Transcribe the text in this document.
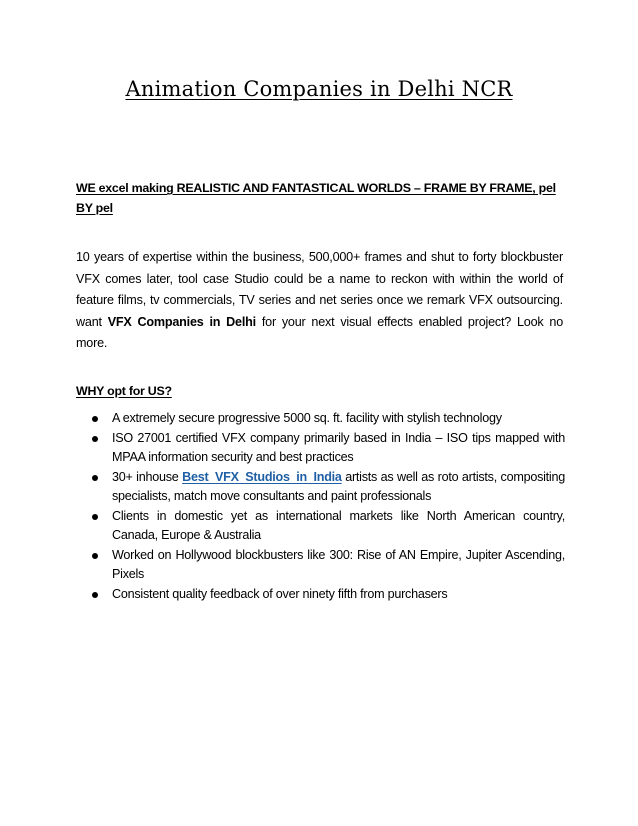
Animation Companies in Delhi NCR
WE excel making REALISTIC AND FANTASTICAL WORLDS – FRAME BY FRAME, pel BY pel

10 years of expertise within the business, 500,000+ frames and shut to forty blockbuster VFX comes later, tool case Studio could be a name to reckon with within the world of feature films, tv commercials, TV series and net series once we remark VFX outsourcing. want VFX Companies in Delhi for your next visual effects enabled project? Look no more.

WHY opt for US?
A extremely secure progressive 5000 sq. ft. facility with stylish technology
ISO 27001 certified VFX company primarily based in India – ISO tips mapped with MPAA information security and best practices
30+ inhouse Best VFX Studios in India artists as well as roto artists, compositing specialists, match move consultants and paint professionals
Clients in domestic yet as international markets like North American country, Canada, Europe & Australia
Worked on Hollywood blockbusters like 300: Rise of AN Empire, Jupiter Ascending, Pixels
Consistent quality feedback of over ninety fifth from purchasers
